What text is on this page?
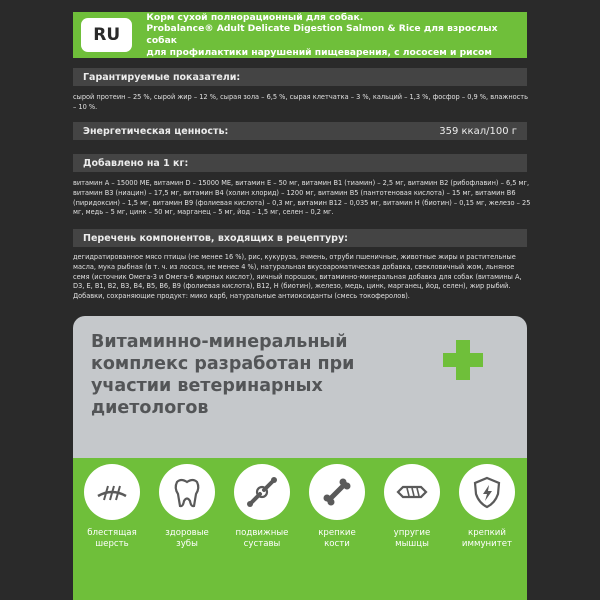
RU
Корм сухой полнорационный для собак.
Probalance® Adult Delicate Digestion Salmon & Rice для взрослых собак
для профилактики нарушений пищеварения, с лососем и рисом
Гарантируемые показатели:
сырой протеин – 25 %, сырой жир – 12 %, сырая зола – 6,5 %, сырая клетчатка – 3 %, кальций – 1,3 %, фосфор – 0,9 %, влажность – 10 %.
Энергетическая ценность:	359 ккал/100 г
Добавлено на 1 кг:
витамин А – 15000 МЕ, витамин D – 15000 МЕ, витамин Е – 50 мг, витамин В1 (тиамин) – 2,5 мг, витамин В2 (рибофлавин) – 6,5 мг, витамин В3 (ниацин) – 17,5 мг, витамин В4 (холин хлорид) – 1200 мг, витамин В5 (пантотеновая кислота) – 15 мг, витамин В6 (пиридоксин) – 1,5 мг, витамин В9 (фолиевая кислота) – 0,3 мг, витамин В12 – 0,035 мг, витамин Н (биотин) – 0,15 мг, железо – 25 мг, медь – 5 мг, цинк – 50 мг, марганец – 5 мг, йод – 1,5 мг, селен – 0,2 мг.
Перечень компонентов, входящих в рецептуру:
дегидратированное мясо птицы (не менее 16 %), рис, кукуруза, ячмень, отруби пшеничные, животные жиры и растительные масла, мука рыбная (в т. ч. из лосося, не менее 4 %), натуральная вкусоароматическая добавка, свекловичный жом, льняное семя (источник Омега-3 и Омега-6 жирных кислот), яичный порошок, витаминно-минеральная добавка для собак (витамины А, D3, Е, В1, В2, В3, В4, В5, В6, В9 (фолиевая кислота), В12, Н (биотин), железо, медь, цинк, марганец, йод, селен), жир рыбий. Добавки, сохраняющие продукт: мико карб, натуральные антиоксиданты (смесь токоферолов).
Витаминно-минеральный комплекс разработан при участии ветеринарных диетологов
блестящая
шерсть
здоровые
зубы
подвижные
суставы
крепкие
кости
упругие
мышцы
крепкий
иммунитет
